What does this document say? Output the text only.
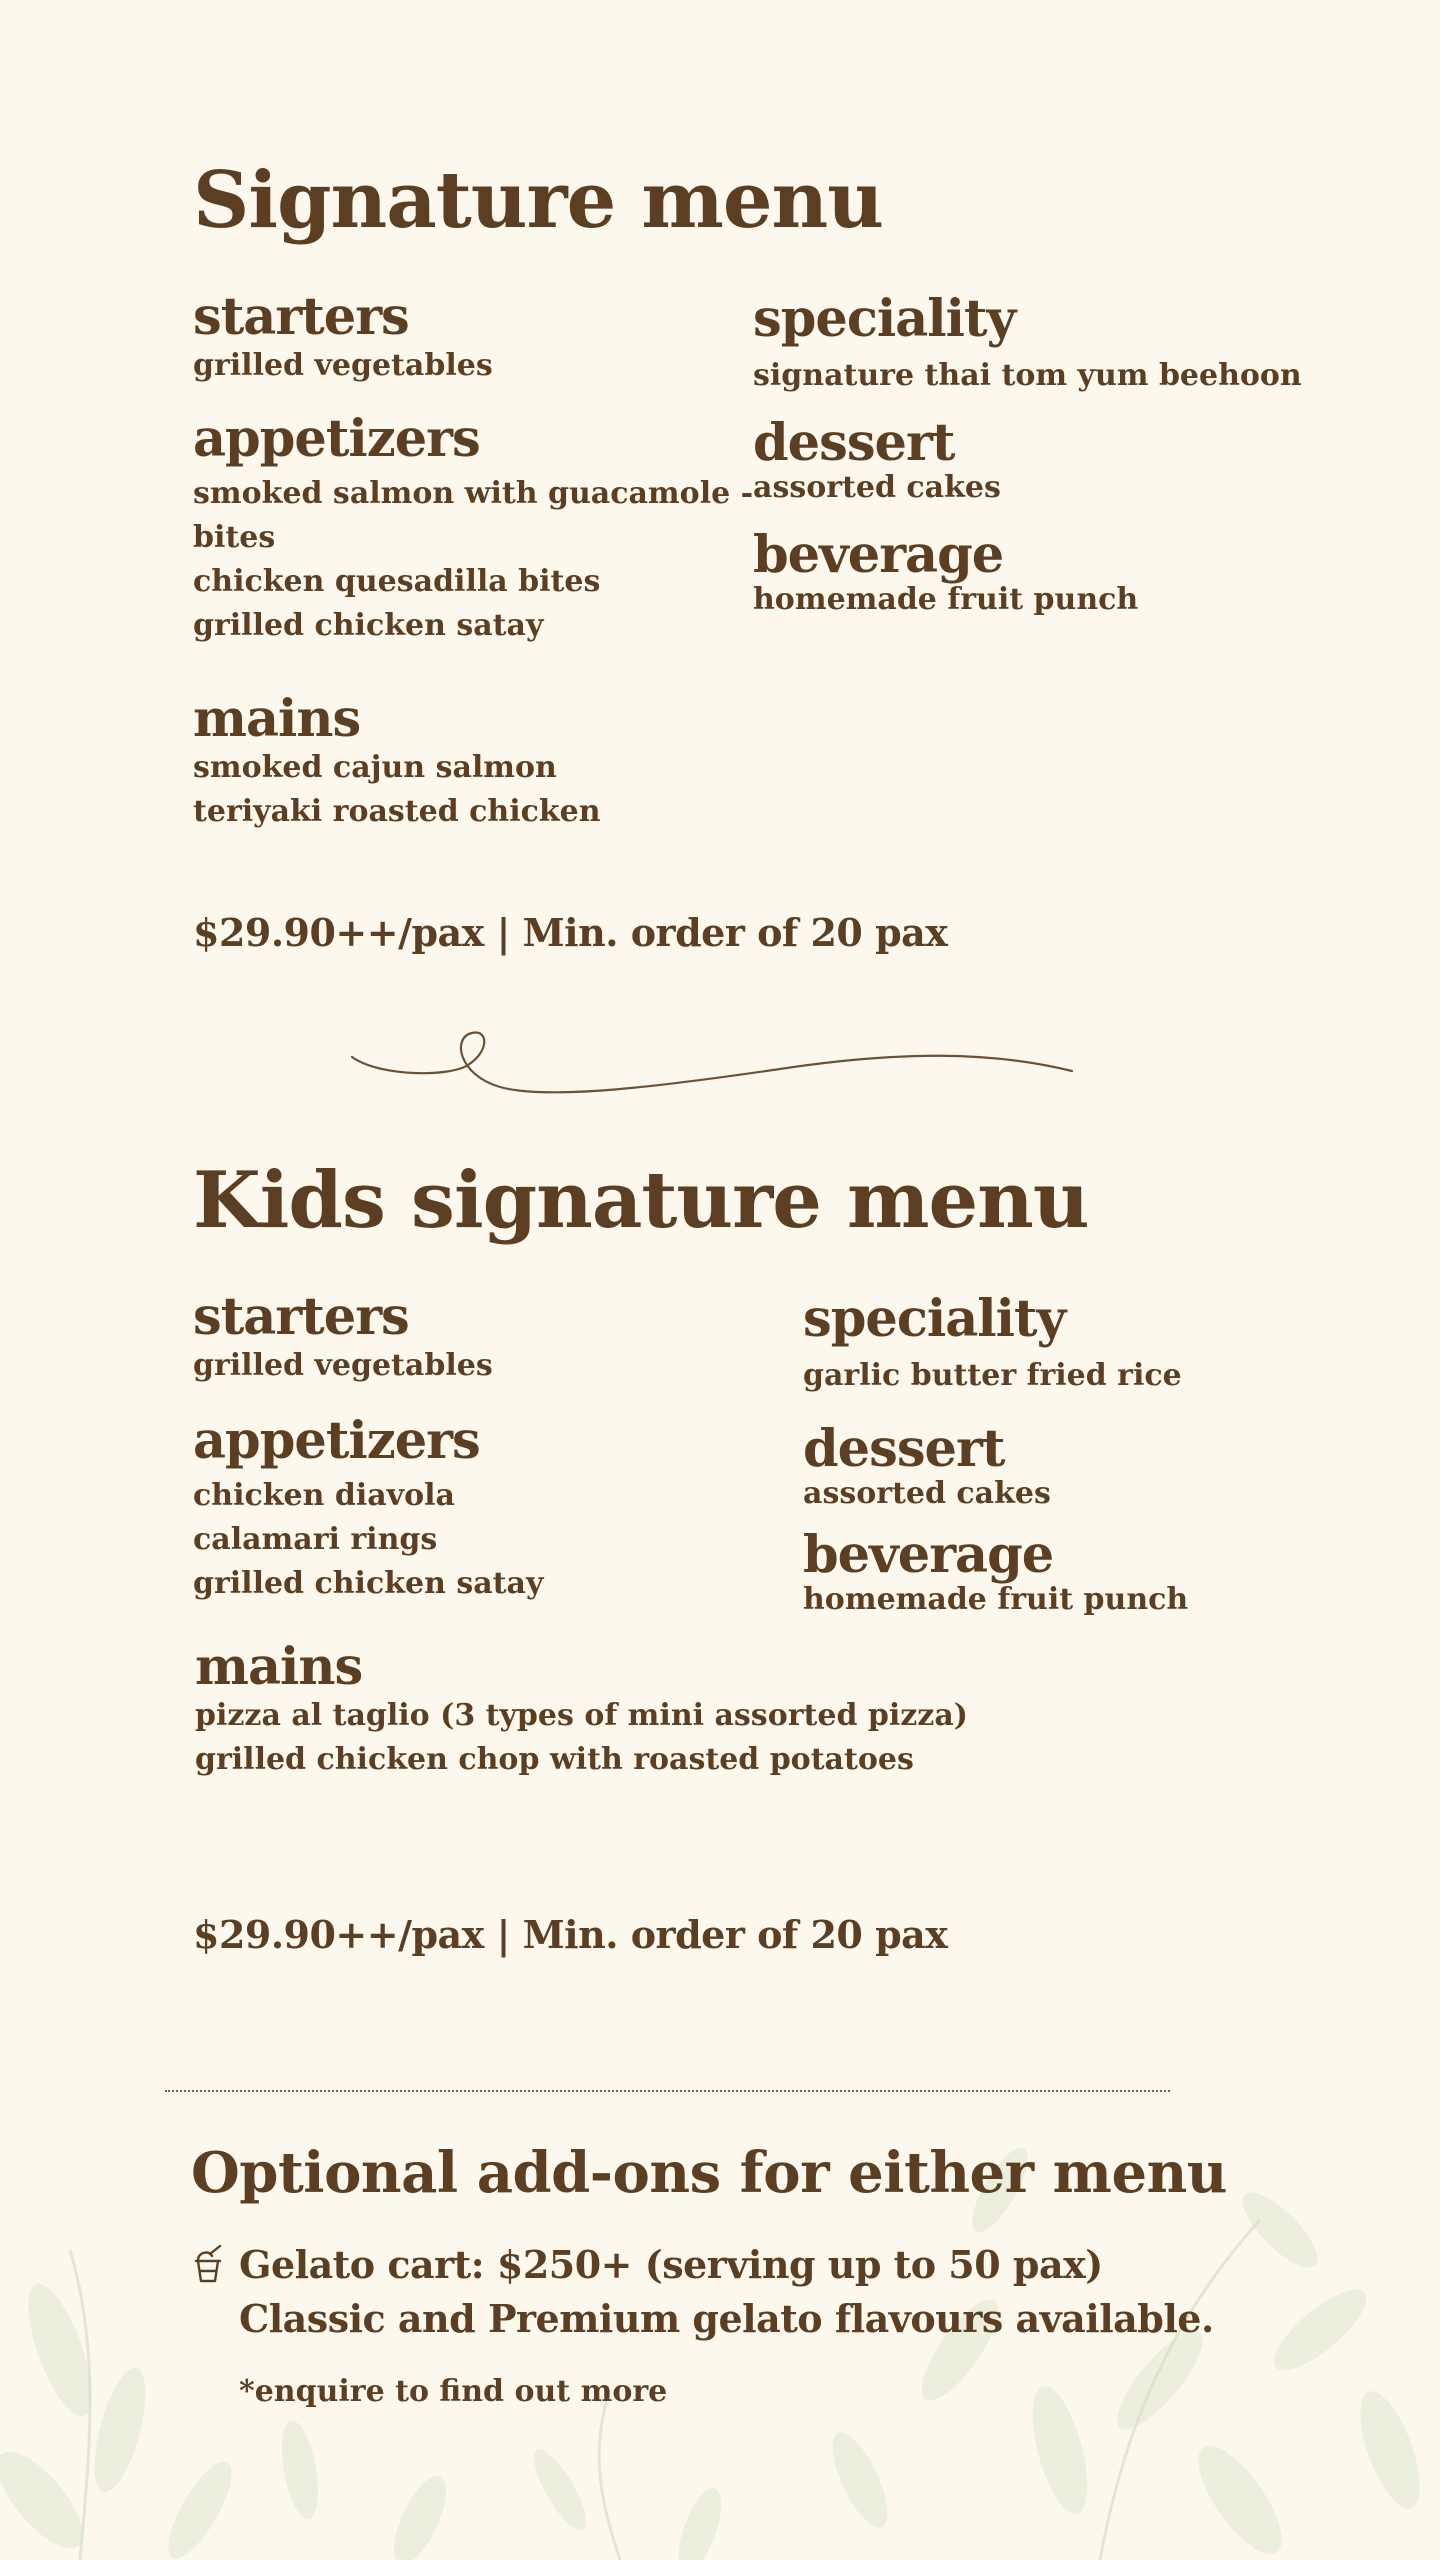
Signature menu
starters
grilled vegetables
appetizers
smoked salmon with guacamole -
bites
chicken quesadilla bites
grilled chicken satay
mains
smoked cajun salmon
teriyaki roasted chicken
speciality
signature thai tom yum beehoon
dessert
assorted cakes
beverage
homemade fruit punch
$29.90++/pax | Min. order of 20 pax
Kids signature menu
starters
grilled vegetables
appetizers
chicken diavola
calamari rings
grilled chicken satay
mains
pizza al taglio (3 types of mini assorted pizza)
grilled chicken chop with roasted potatoes
speciality
garlic butter fried rice
dessert
assorted cakes
beverage
homemade fruit punch
$29.90++/pax | Min. order of 20 pax
Optional add-ons for either menu
Gelato cart: $250+ (serving up to 50 pax)
Classic and Premium gelato flavours available.
*enquire to find out more
